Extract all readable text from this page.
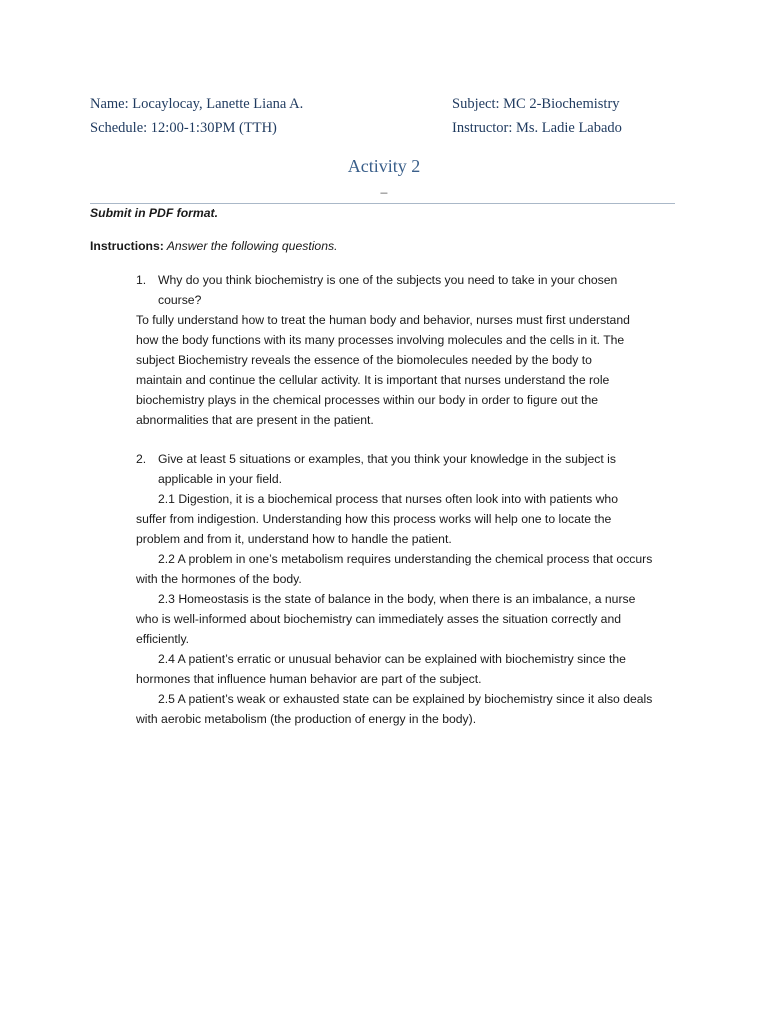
Name: Locaylocay, Lanette Liana A.	Subject: MC 2-Biochemistry
Schedule: 12:00-1:30PM (TTH)	Instructor: Ms. Ladie Labado
Activity 2
_
Submit in PDF format.
Instructions: Answer the following questions.
1. Why do you think biochemistry is one of the subjects you need to take in your chosen
course?
To fully understand how to treat the human body and behavior, nurses must first understand
how the body functions with its many processes involving molecules and the cells in it. The
subject Biochemistry reveals the essence of the biomolecules needed by the body to
maintain and continue the cellular activity. It is important that nurses understand the role
biochemistry plays in the chemical processes within our body in order to figure out the
abnormalities that are present in the patient.
2. Give at least 5 situations or examples, that you think your knowledge in the subject is
applicable in your field.
2.1 Digestion, it is a biochemical process that nurses often look into with patients who
suffer from indigestion. Understanding how this process works will help one to locate the
problem and from it, understand how to handle the patient.
2.2 A problem in one’s metabolism requires understanding the chemical process that occurs
with the hormones of the body.
2.3 Homeostasis is the state of balance in the body, when there is an imbalance, a nurse
who is well-informed about biochemistry can immediately asses the situation correctly and
efficiently.
2.4 A patient’s erratic or unusual behavior can be explained with biochemistry since the
hormones that influence human behavior are part of the subject.
2.5 A patient’s weak or exhausted state can be explained by biochemistry since it also deals
with aerobic metabolism (the production of energy in the body).
